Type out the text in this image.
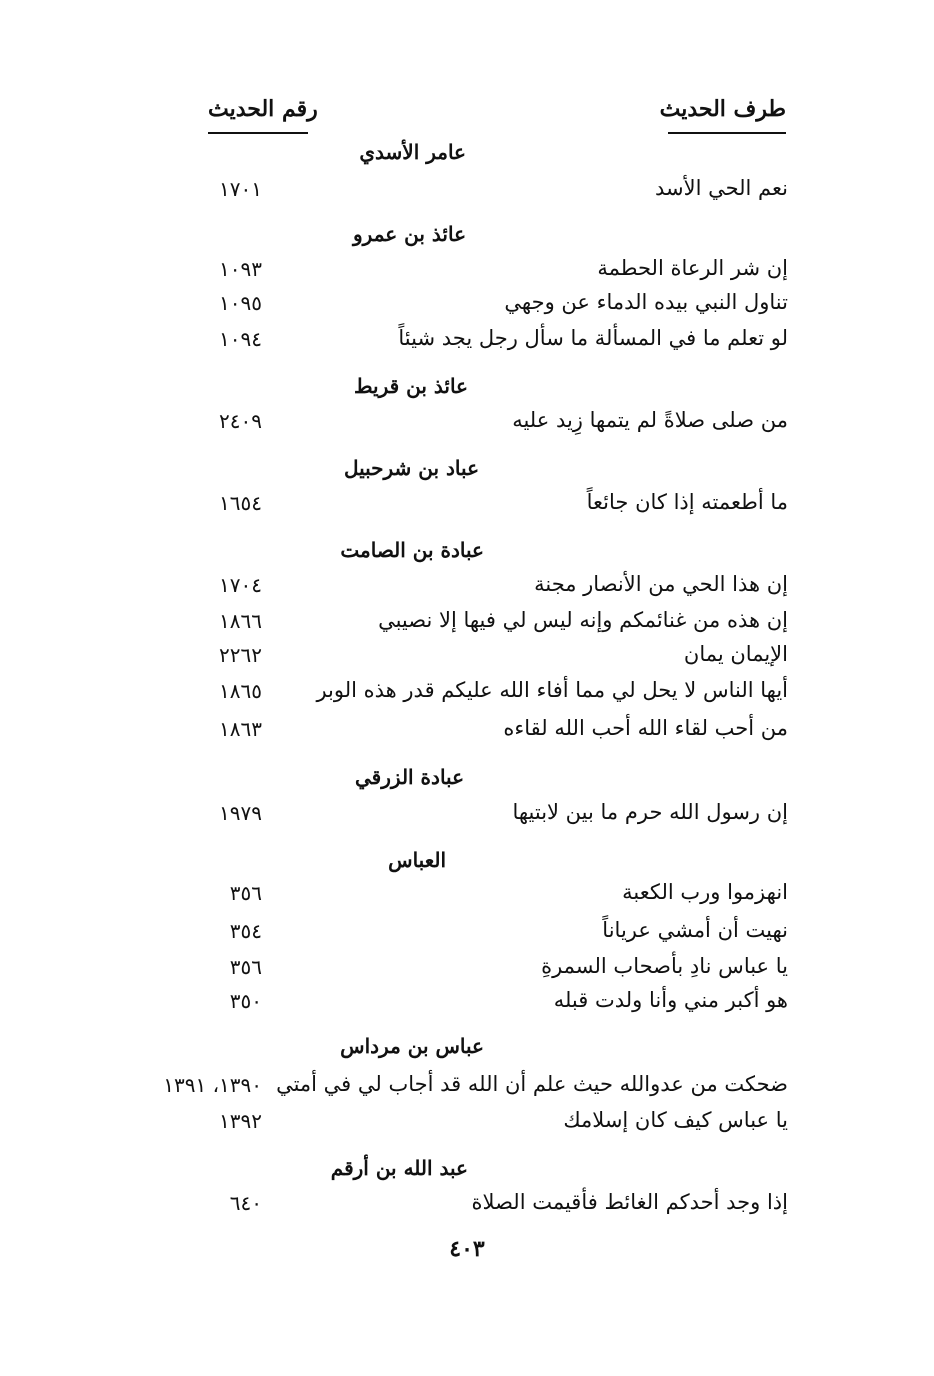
طرف الحديث
رقم الحديث
عامر الأسدي
نعم الحي الأسد
١٧٠١
عائذ بن عمرو
إن شر الرعاة الحطمة
١٠٩٣
تناول النبي بيده الدماء عن وجهي
١٠٩٥
لو تعلم ما في المسألة ما سأل رجل يجد شيئاً
١٠٩٤
عائذ بن قريط
من صلى صلاةً لم يتمها زِيد عليه
٢٤٠٩
عباد بن شرحبيل
ما أطعمته إذا كان جائعاً
١٦٥٤
عبادة بن الصامت
إن هذا الحي من الأنصار مجنة
١٧٠٤
إن هذه من غنائمكم وإنه ليس لي فيها إلا نصيبي
١٨٦٦
الإيمان يمان
٢٢٦٢
أيها الناس لا يحل لي مما أفاء الله عليكم قدر هذه الوبر
١٨٦٥
من أحب لقاء الله أحب الله لقاءه
١٨٦٣
عبادة الزرقي
إن رسول الله حرم ما بين لابتيها
١٩٧٩
العباس
انهزموا ورب الكعبة
٣٥٦
نهيت أن أمشي عرياناً
٣٥٤
يا عباس نادِ بأصحاب السمرةِ
٣٥٦
هو أكبر مني وأنا ولدت قبله
٣٥٠
عباس بن مرداس
ضحكت من عدوالله حيث علم أن الله قد أجاب لي في أمتي
١٣٩٠، ١٣٩١
يا عباس كيف كان إسلامك
١٣٩٢
عبد الله بن أرقم
إذا وجد أحدكم الغائط فأقيمت الصلاة
٦٤٠
٤٠٣
